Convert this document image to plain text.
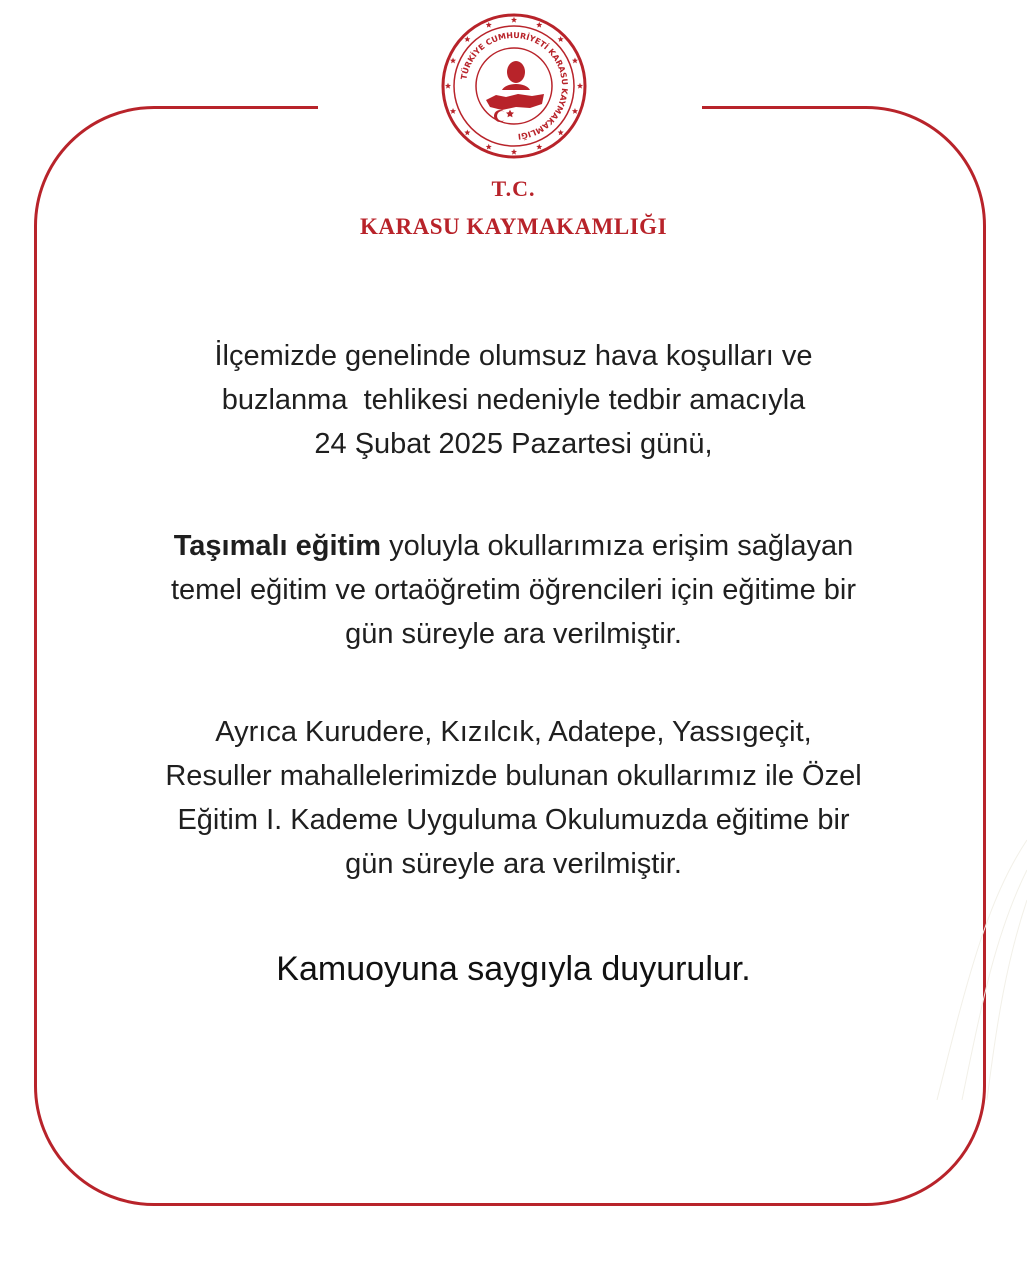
TÜRKİYE CUMHURİYETİ KARASU KAYMAKAMLIĞI
T.C.
KARASU KAYMAKAMLIĞI
İlçemizde genelinde olumsuz hava koşulları ve
buzlanma  tehlikesi nedeniyle tedbir amacıyla
24 Şubat 2025 Pazartesi günü,
Taşımalı eğitim yoluyla okullarımıza erişim sağlayan
temel eğitim ve ortaöğretim öğrencileri için eğitime bir
gün süreyle ara verilmiştir.
Ayrıca Kurudere, Kızılcık, Adatepe, Yassıgeçit,
Resuller mahallelerimizde bulunan okullarımız ile Özel
Eğitim I. Kademe Uyguluma Okulumuzda eğitime bir
gün süreyle ara verilmiştir.
Kamuoyuna saygıyla duyurulur.
